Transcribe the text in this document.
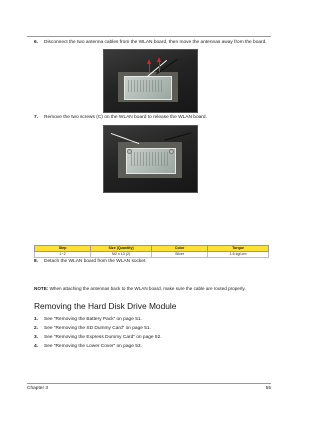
6. Disconnect the two antenna cables from the WLAN board, then move the antennas away from the board.
7. Remove the two screws (C) on the WLAN board to release the WLAN board.
Step	Size (Quantity)	Color	Torque
1~2	M2 x L3 (2)	Silver	1.6 kgf-cm
8. Detach the WLAN board from the WLAN socket.
NOTE: When attaching the antennas back to the WLAN board, make sure the cable are routed properly.
Removing the Hard Disk Drive Module
1. See “Removing the Battery Pack” on page 51.
2. See “Removing the SD Dummy Card” on page 51.
3. See “Removing the Express Dummy Card” on page 52.
4. See “Removing the Lower Cover” on page 53.
Chapter 3	55
